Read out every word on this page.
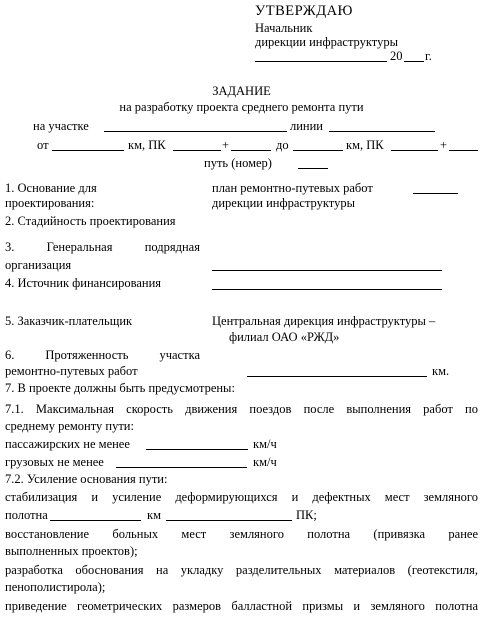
УТВЕРЖДАЮ
Начальник
дирекции инфраструктуры
20 г.
ЗАДАНИЕ
на разработку проекта среднего ремонта пути
на участке	линии
от	км, ПК	+	до	км, ПК	+
путь (номер)
1. Основание для
проектирования:
план ремонтно-путевых работ
дирекции инфраструктуры
2. Стадийность проектирования
3.	Генеральная	подрядная
организация
4. Источник финансирования
5. Заказчик-плательщик	Центральная дирекция инфраструктуры –
филиал ОАО «РЖД»
6. Протяженность участка
ремонтно-путевых работ	км.
7. В проекте должны быть предусмотрены:
7.1. Максимальная скорость движения поездов после выполнения работ по
среднему ремонту пути:
пассажирских не менее	км/ч
грузовых не менее	км/ч
7.2. Усиление основания пути:
стабилизация и усиление деформирующихся и дефектных мест земляного
полотна	км	ПК;
восстановление больных мест земляного полотна (привязка ранее
выполненных проектов);
разработка обоснования на укладку разделительных материалов (геотекстиля,
пенополистирола);
приведение геометрических размеров балластной призмы и земляного полотна
